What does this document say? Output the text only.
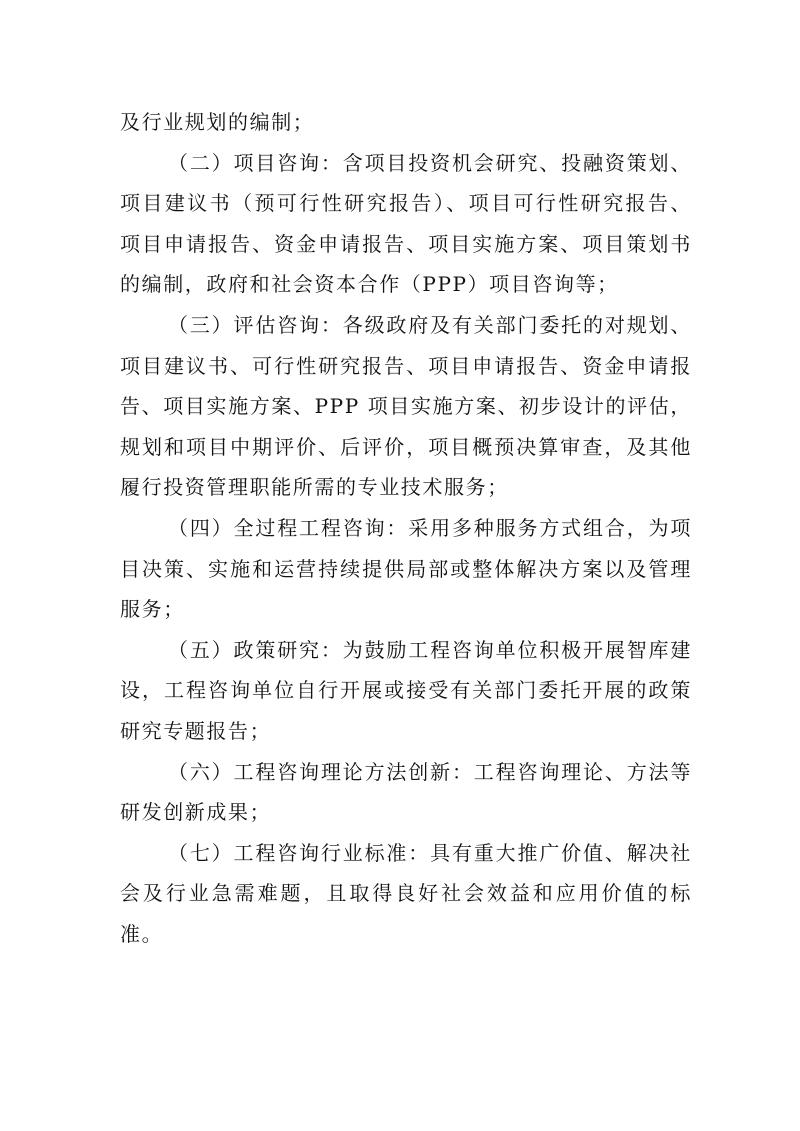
及行业规划的编制；

（二）项目咨询：含项目投资机会研究、投融资策划、项目建议书（预可行性研究报告）、项目可行性研究报告、项目申请报告、资金申请报告、项目实施方案、项目策划书的编制，政府和社会资本合作（PPP）项目咨询等；

（三）评估咨询：各级政府及有关部门委托的对规划、项目建议书、可行性研究报告、项目申请报告、资金申请报告、项目实施方案、PPP 项目实施方案、初步设计的评估，规划和项目中期评价、后评价，项目概预决算审查，及其他履行投资管理职能所需的专业技术服务；

（四）全过程工程咨询：采用多种服务方式组合，为项目决策、实施和运营持续提供局部或整体解决方案以及管理服务；

（五）政策研究：为鼓励工程咨询单位积极开展智库建设，工程咨询单位自行开展或接受有关部门委托开展的政策研究专题报告；

（六）工程咨询理论方法创新：工程咨询理论、方法等研发创新成果；

（七）工程咨询行业标准：具有重大推广价值、解决社会及行业急需难题，且取得良好社会效益和应用价值的标准。
